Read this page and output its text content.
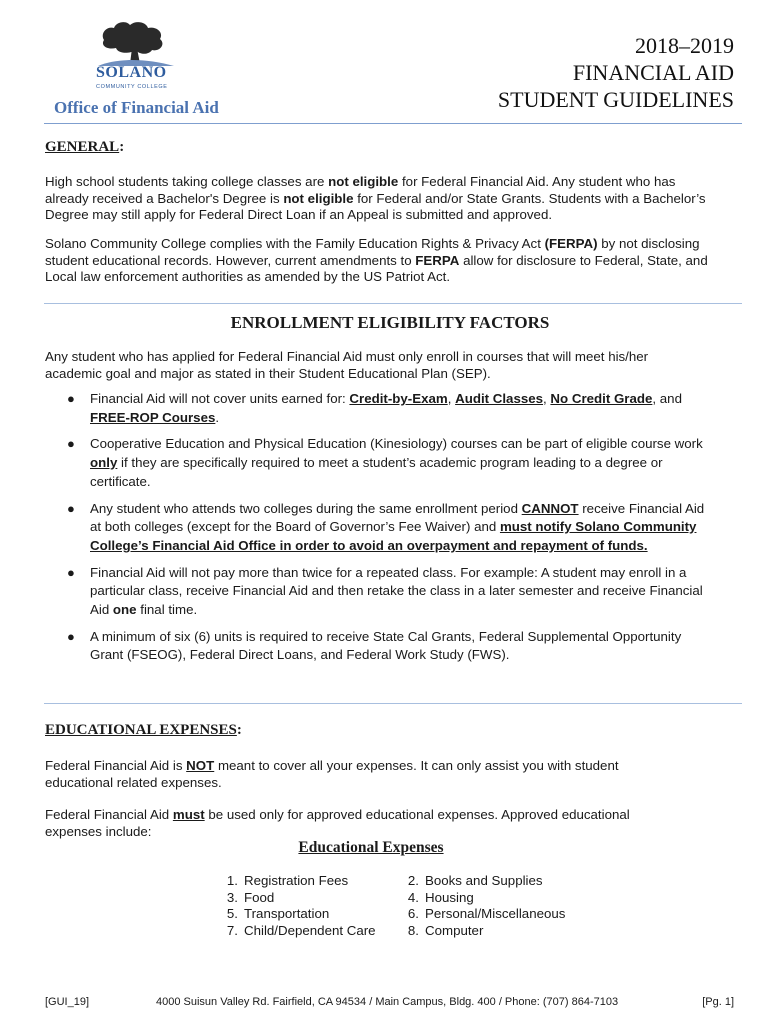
SOLANO
COMMUNITY COLLEGE
Office of Financial Aid
2018–2019
FINANCIAL AID
STUDENT GUIDELINES
GENERAL:
High school students taking college classes are not eligible for Federal Financial Aid. Any student who has already received a Bachelor's Degree is not eligible for Federal and/or State Grants. Students with a Bachelor’s Degree may still apply for Federal Direct Loan if an Appeal is submitted and approved.
Solano Community College complies with the Family Education Rights & Privacy Act (FERPA) by not disclosing student educational records. However, current amendments to FERPA allow for disclosure to Federal, State, and Local law enforcement authorities as amended by the US Patriot Act.
ENROLLMENT ELIGIBILITY FACTORS
Any student who has applied for Federal Financial Aid must only enroll in courses that will meet his/her academic goal and major as stated in their Student Educational Plan (SEP).
● Financial Aid will not cover units earned for: Credit-by-Exam, Audit Classes, No Credit Grade, and FREE-ROP Courses.
● Cooperative Education and Physical Education (Kinesiology) courses can be part of eligible course work only if they are specifically required to meet a student’s academic program leading to a degree or certificate.
● Any student who attends two colleges during the same enrollment period CANNOT receive Financial Aid at both colleges (except for the Board of Governor’s Fee Waiver) and must notify Solano Community College’s Financial Aid Office in order to avoid an overpayment and repayment of funds.
● Financial Aid will not pay more than twice for a repeated class. For example: A student may enroll in a particular class, receive Financial Aid and then retake the class in a later semester and receive Financial Aid one final time.
● A minimum of six (6) units is required to receive State Cal Grants, Federal Supplemental Opportunity Grant (FSEOG), Federal Direct Loans, and Federal Work Study (FWS).
EDUCATIONAL EXPENSES:
Federal Financial Aid is NOT meant to cover all your expenses. It can only assist you with student educational related expenses.
Federal Financial Aid must be used only for approved educational expenses. Approved educational expenses include:
Educational Expenses
1. Registration Fees
3. Food
5. Transportation
7. Child/Dependent Care
2. Books and Supplies
4. Housing
6. Personal/Miscellaneous
8. Computer
[GUI_19]	4000 Suisun Valley Rd. Fairfield, CA 94534 / Main Campus, Bldg. 400 / Phone: (707) 864-7103	[Pg. 1]
